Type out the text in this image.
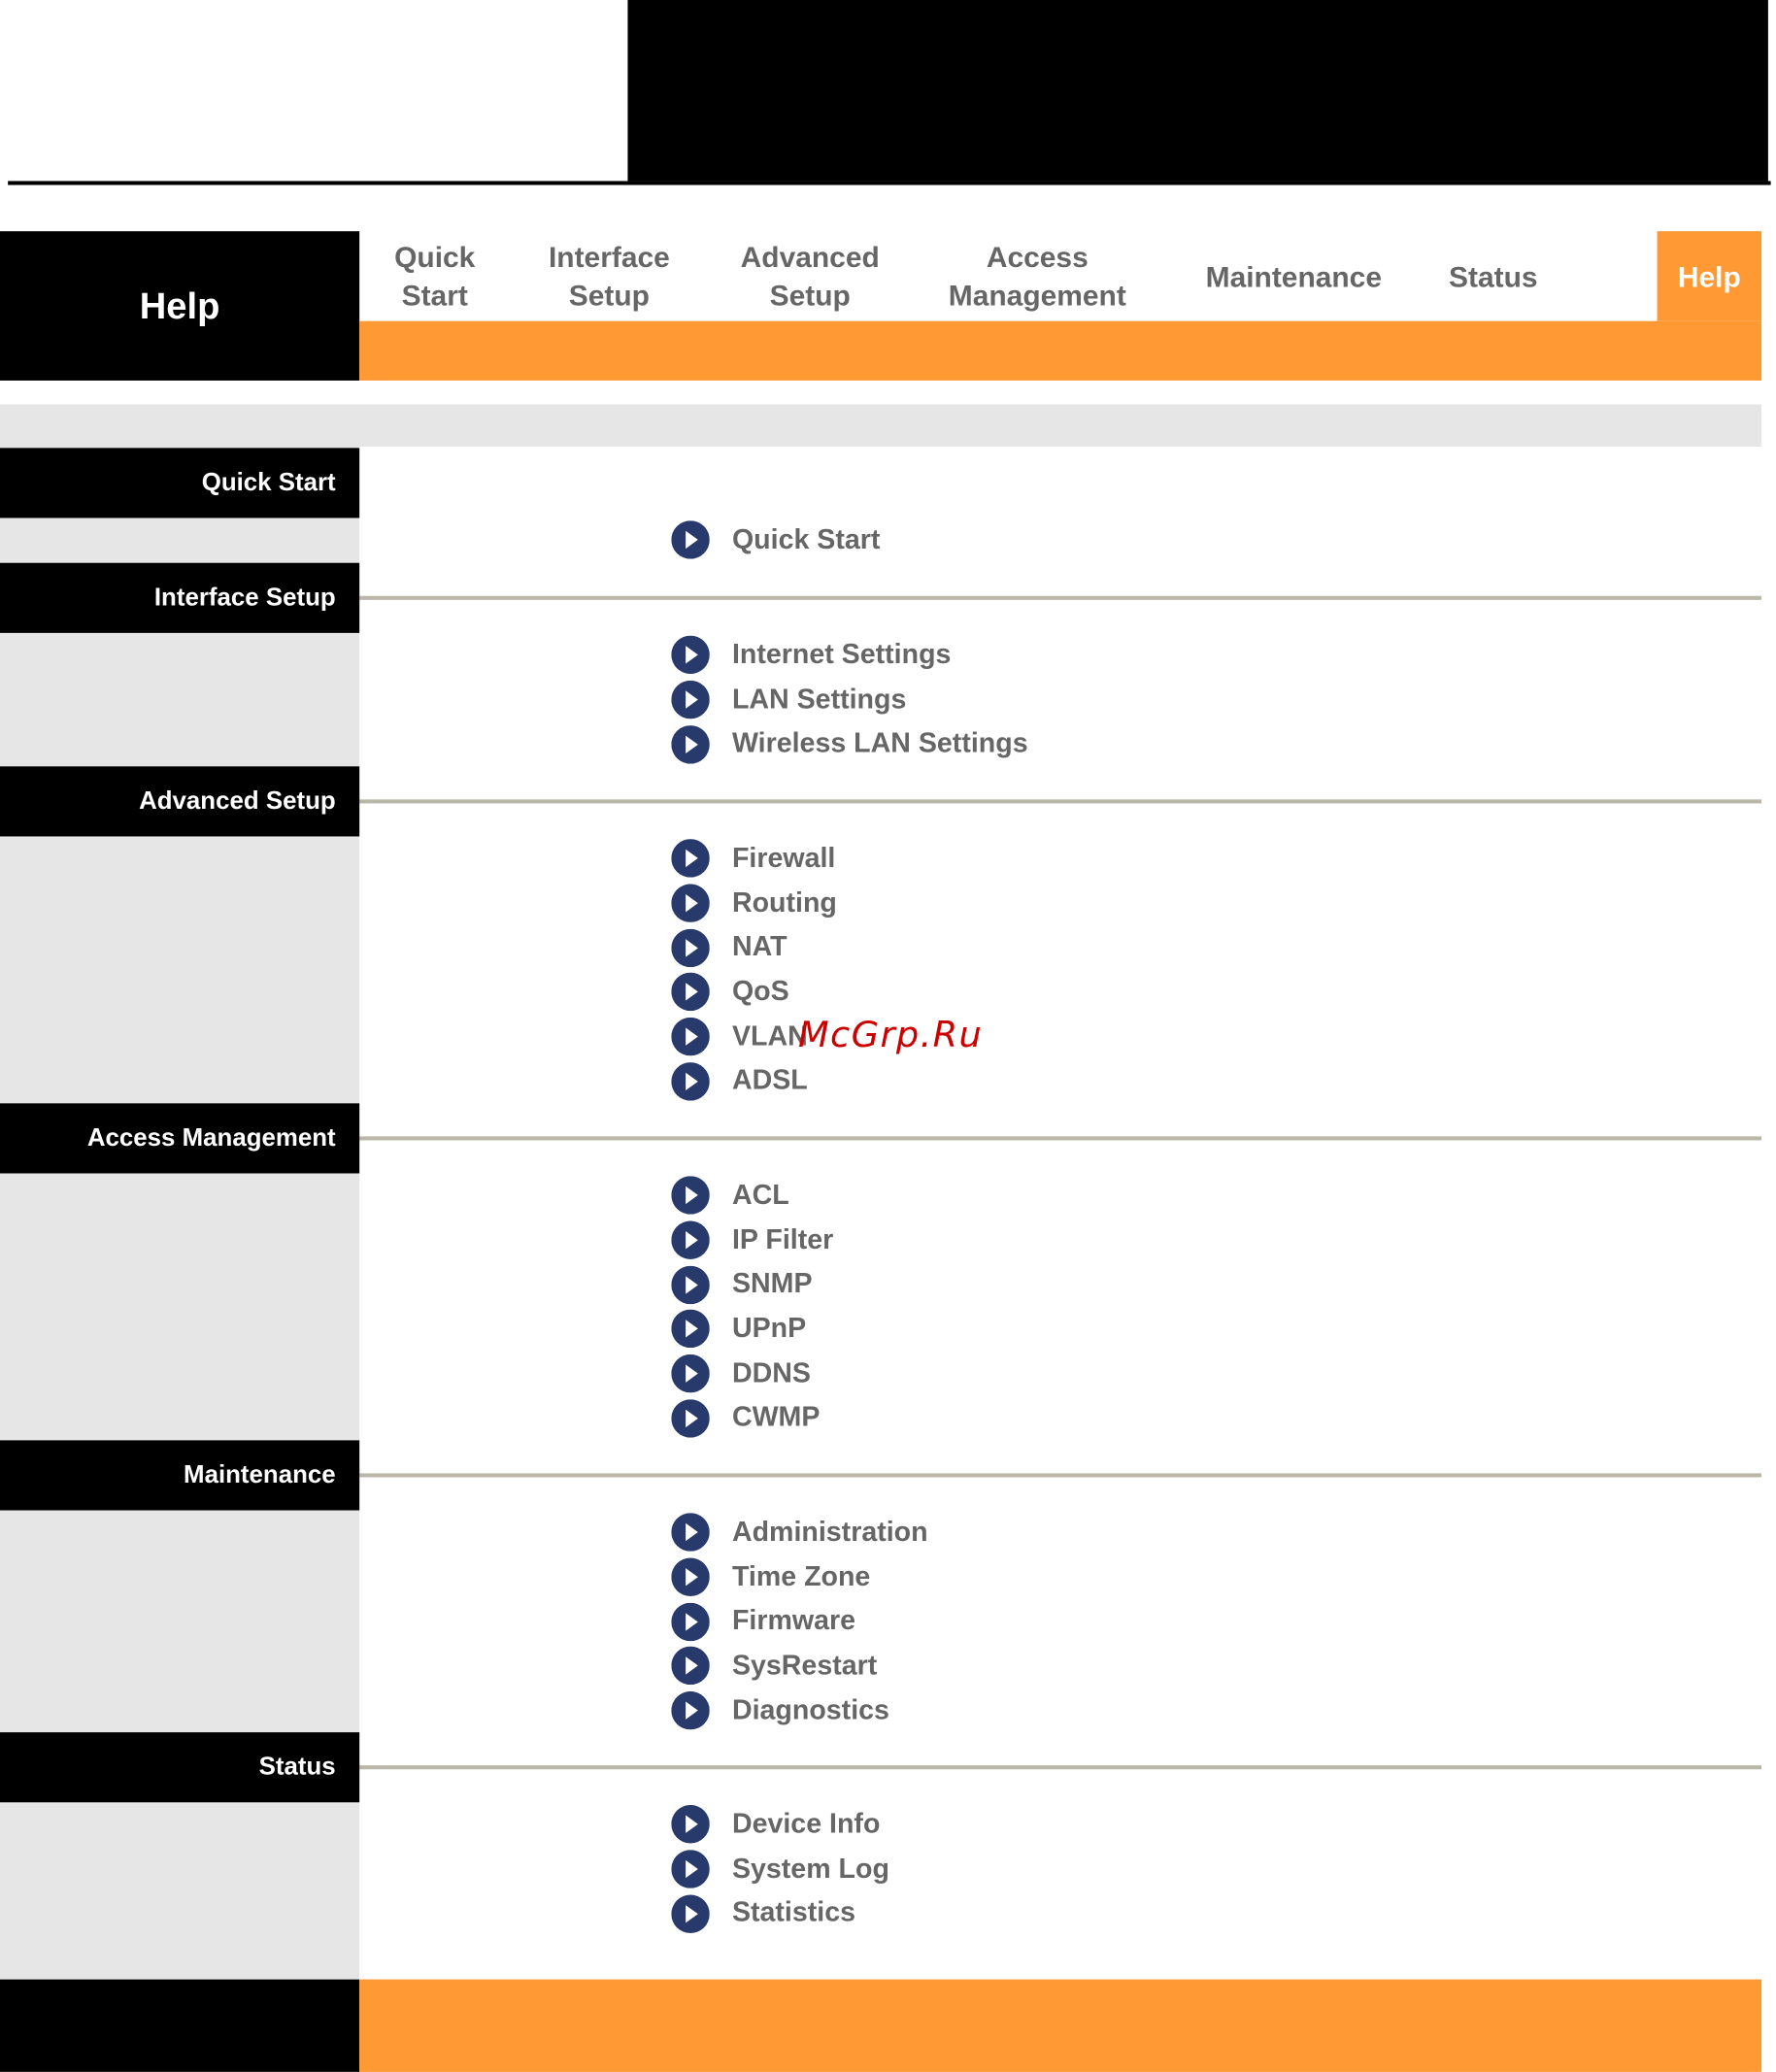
Help
Quick
Start
Interface
Setup
Advanced
Setup
Access
Management
Maintenance	Status	Help
Quick Start
Quick Start
Interface Setup
Internet Settings
LAN Settings
Wireless LAN Settings
Advanced Setup
Firewall
Routing
NAT
QoS
VLAN
ADSL
Access Management
ACL
IP Filter
SNMP
UPnP
DDNS
CWMP
Maintenance
Administration
Time Zone
Firmware
SysRestart
Diagnostics
Status
Device Info
System Log
Statistics
McGrp.Ru
